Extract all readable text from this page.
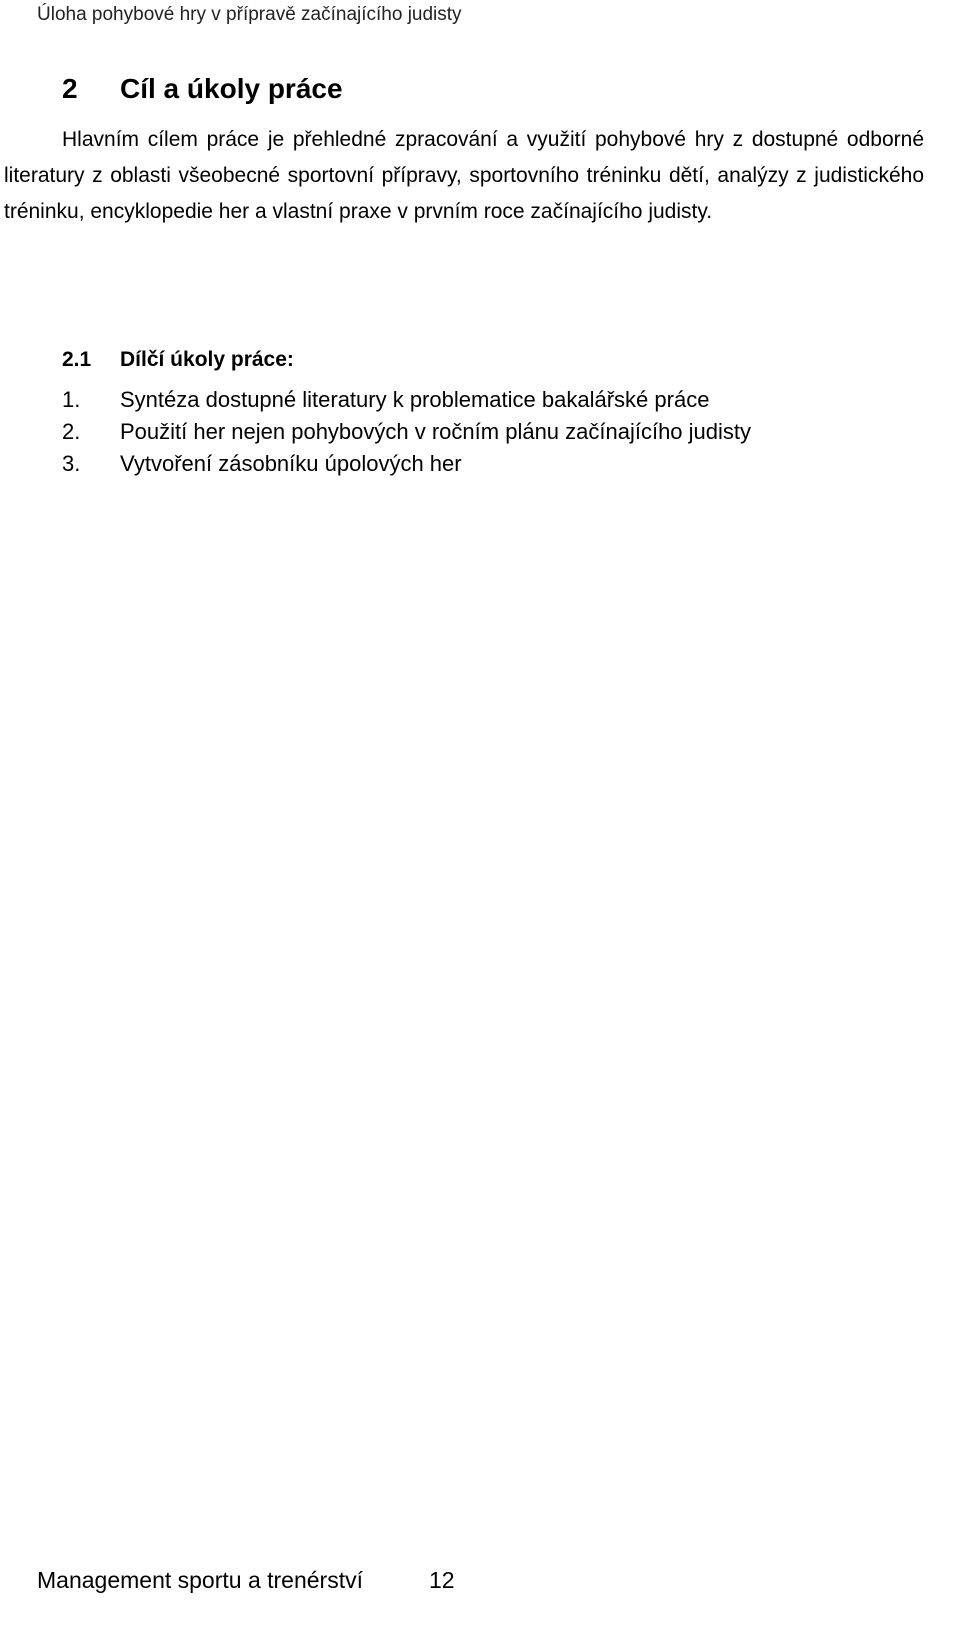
Úloha pohybové hry v přípravě začínajícího judisty
2 Cíl a úkoly práce
Hlavním cílem práce je přehledné zpracování a využití pohybové hry z dostupné odborné literatury z oblasti všeobecné sportovní přípravy, sportovního tréninku dětí, analýzy z judistického tréninku, encyklopedie her a vlastní praxe v prvním roce začínajícího judisty.
2.1 Dílčí úkoly práce:
1. Syntéza dostupné literatury k problematice bakalářské práce
2. Použití her nejen pohybových v ročním plánu začínajícího judisty
3. Vytvoření zásobníku úpolových her
Management sportu a trenérství	12
